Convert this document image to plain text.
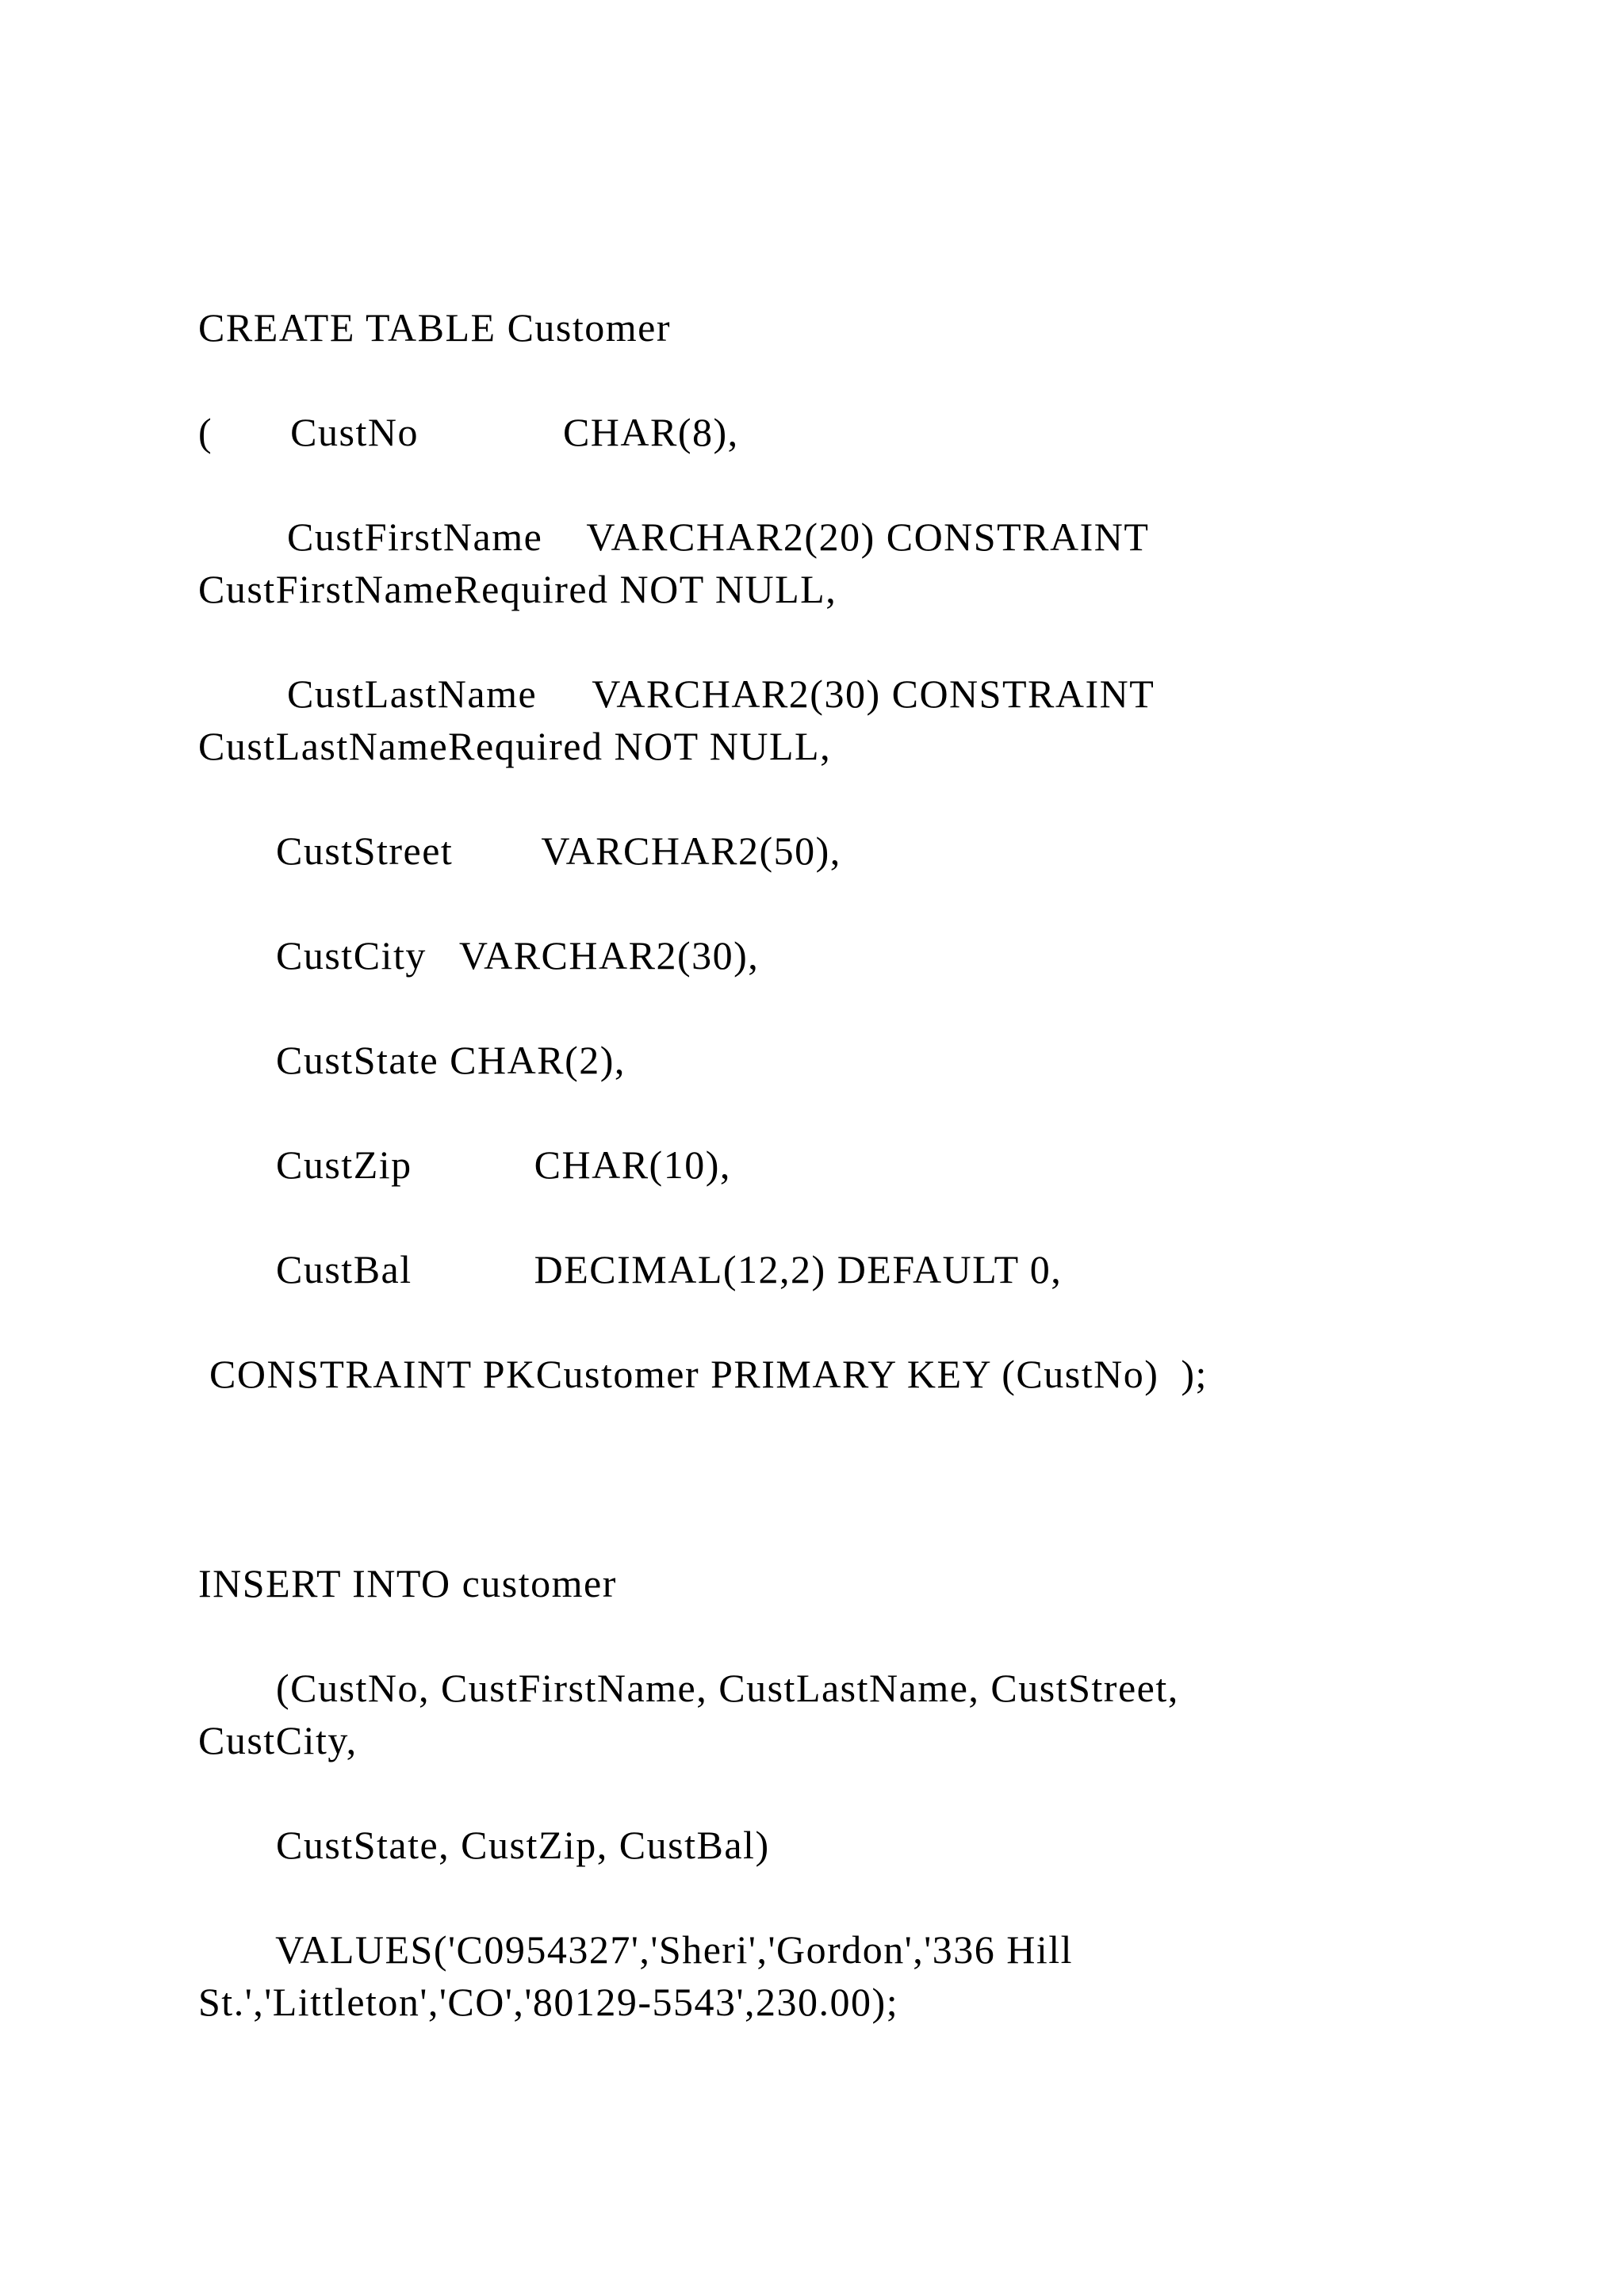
CREATE TABLE Customer

(       CustNo             CHAR(8),

CustFirstName    VARCHAR2(20) CONSTRAINT

CustFirstNameRequired NOT NULL,

CustLastName     VARCHAR2(30) CONSTRAINT

CustLastNameRequired NOT NULL,

CustStreet        VARCHAR2(50),

CustCity   VARCHAR2(30),

CustState CHAR(2),

CustZip           CHAR(10),

CustBal           DECIMAL(12,2) DEFAULT 0,

CONSTRAINT PKCustomer PRIMARY KEY (CustNo)  );

INSERT INTO customer

(CustNo, CustFirstName, CustLastName, CustStreet,

CustCity,

CustState, CustZip, CustBal)

VALUES('C0954327','Sheri','Gordon','336 Hill

St.','Littleton','CO','80129-5543',230.00);
